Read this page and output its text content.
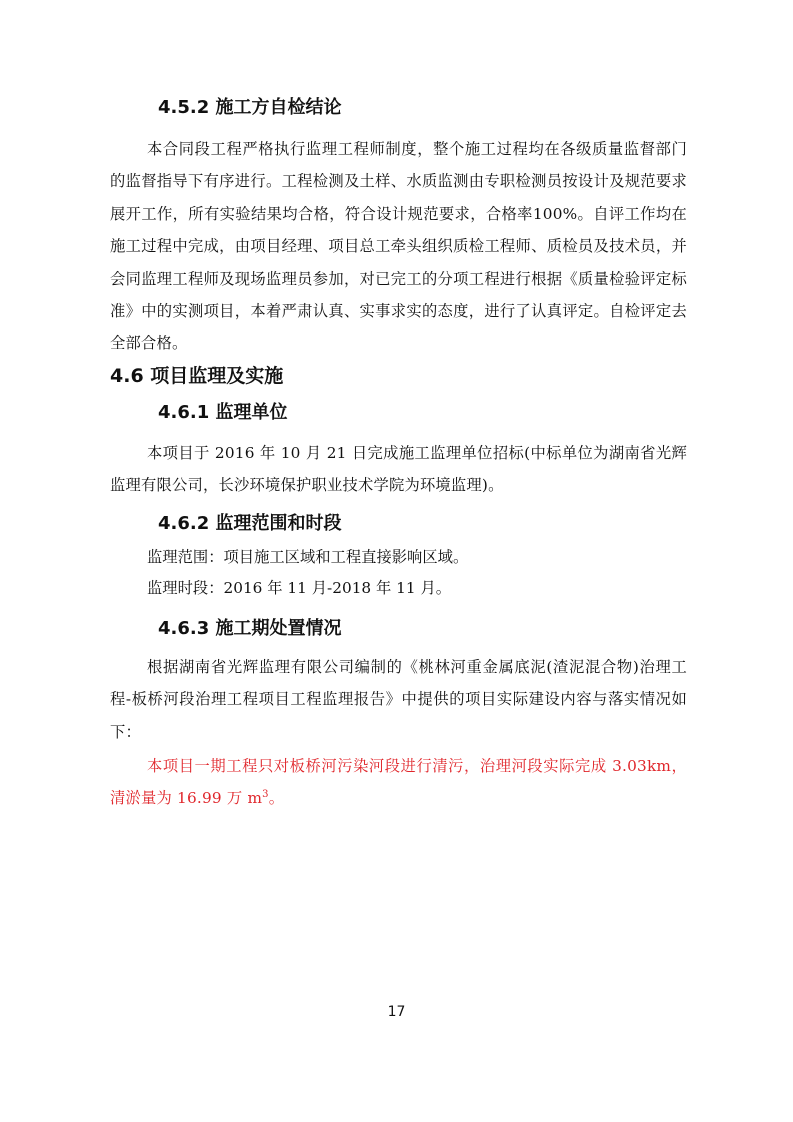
4.5.2 施工方自检结论

本合同段工程严格执行监理工程师制度，整个施工过程均在各级质量监督部门的监督指导下有序进行。工程检测及土样、水质监测由专职检测员按设计及规范要求展开工作，所有实验结果均合格，符合设计规范要求，合格率100%。自评工作均在施工过程中完成，由项目经理、项目总工牵头组织质检工程师、质检员及技术员，并会同监理工程师及现场监理员参加，对已完工的分项工程进行根据《质量检验评定标准》中的实测项目，本着严肃认真、实事求实的态度，进行了认真评定。自检评定去全部合格。

4.6 项目监理及实施
4.6.1 监理单位

本项目于 2016 年 10 月 21 日完成施工监理单位招标(中标单位为湖南省光辉监理有限公司，长沙环境保护职业技术学院为环境监理)。

4.6.2 监理范围和时段

监理范围：项目施工区域和工程直接影响区域。

监理时段：2016 年 11 月-2018 年 11 月。

4.6.3 施工期处置情况

根据湖南省光辉监理有限公司编制的《桃林河重金属底泥(渣泥混合物)治理工程-板桥河段治理工程项目工程监理报告》中提供的项目实际建设内容与落实情况如下：

本项目一期工程只对板桥河污染河段进行清污，治理河段实际完成 3.03km，清淤量为 16.99 万 $m^3$。

17
